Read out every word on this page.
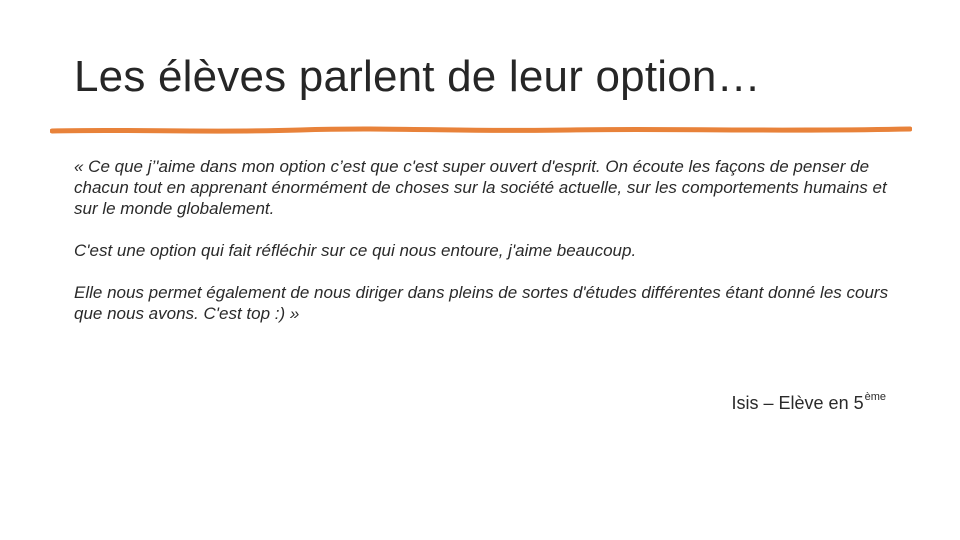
Les élèves parlent de leur option…

« Ce que j’'aime dans mon option c’est que c'est super ouvert d'esprit. On écoute les façons de penser de chacun tout en apprenant énormément de choses sur la société actuelle, sur les comportements humains et sur le monde globalement.

C'est une option qui fait réfléchir sur ce qui nous entoure, j'aime beaucoup.

Elle nous permet également de nous diriger dans pleins de sortes d'études différentes étant donné les cours que nous avons. C'est top :) »

Isis – Elève en 5ème
